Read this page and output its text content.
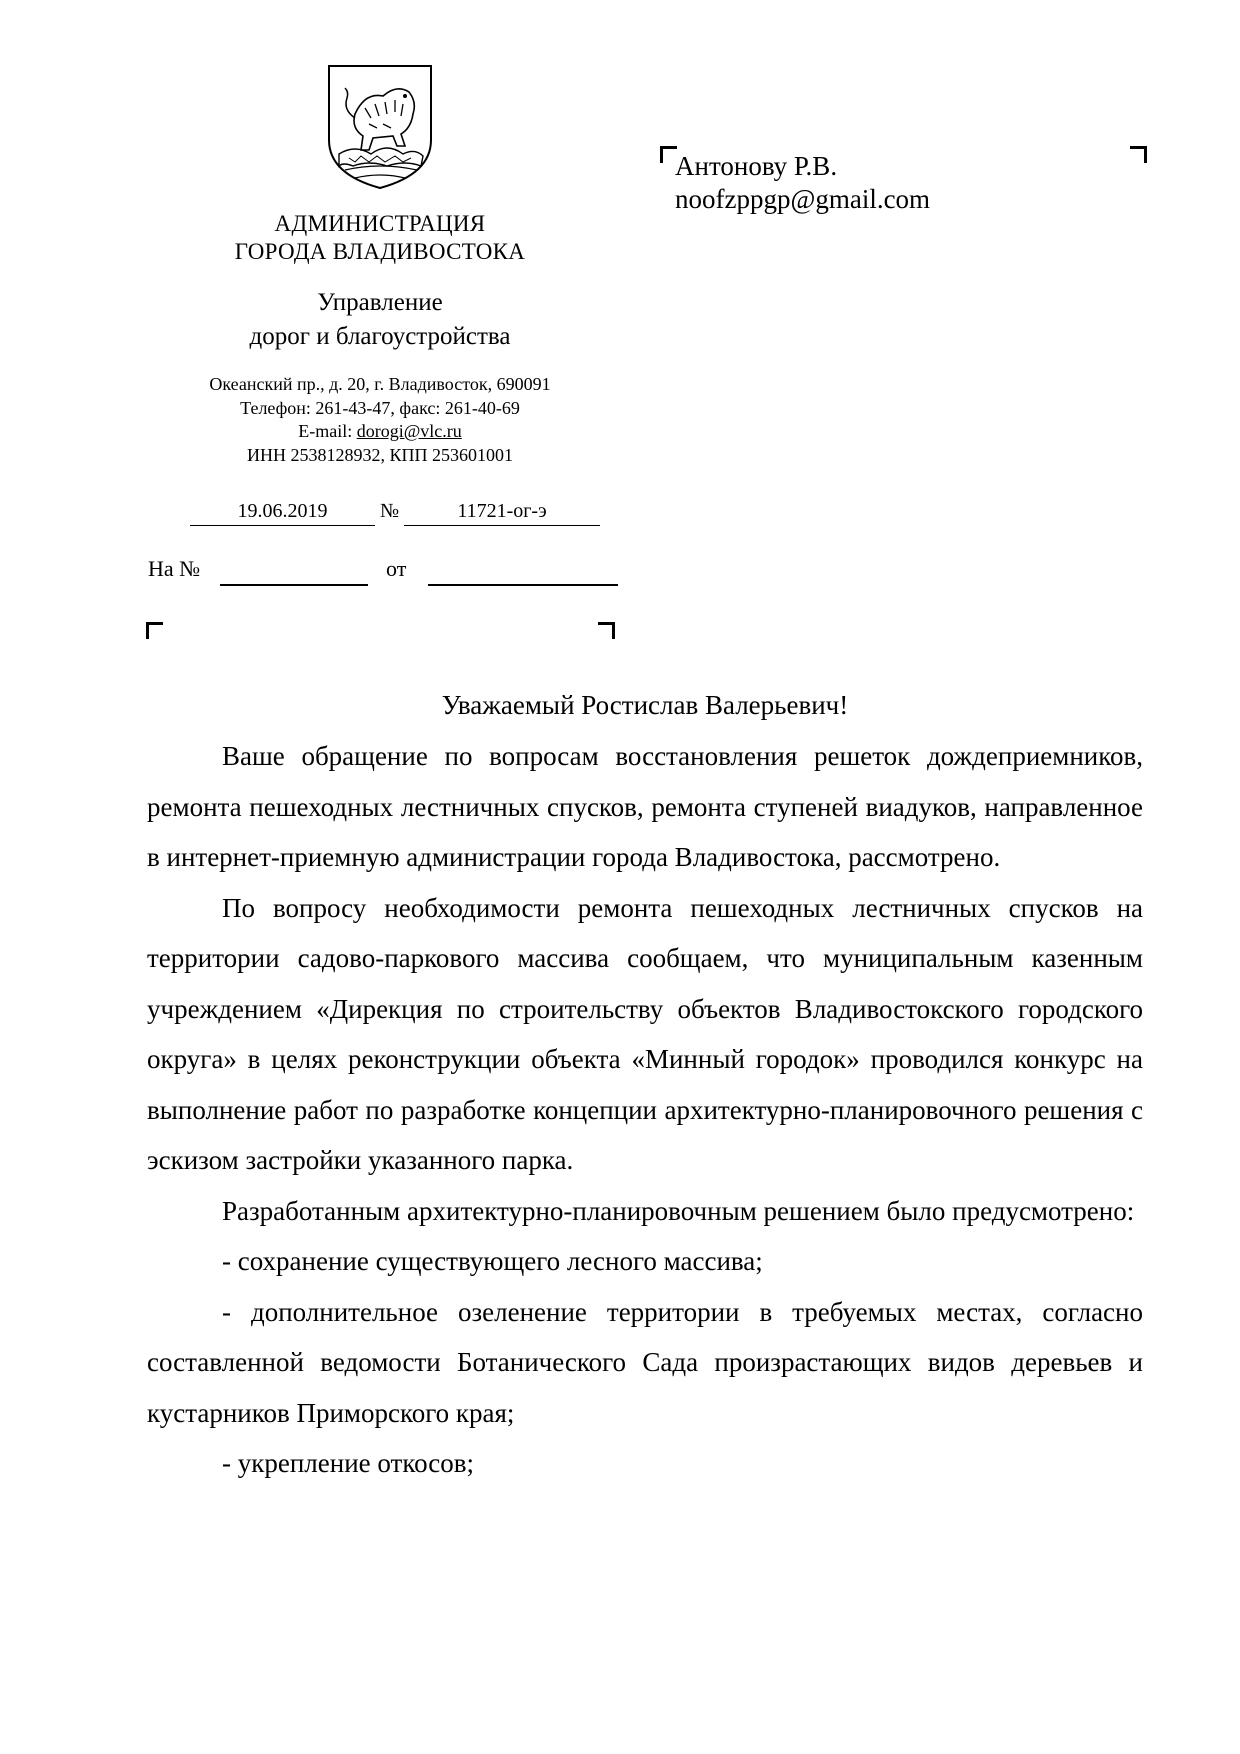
АДМИНИСТРАЦИЯ
ГОРОДА ВЛАДИВОСТОКА
Управление
дорог и благоустройства
Океанский пр., д. 20, г. Владивосток, 690091
Телефон: 261-43-47, факс: 261-40-69
E-mail: dorogi@vlc.ru
ИНН 2538128932, КПП 253601001
19.06.2019	№	11721-ог-э
На №	от
Антонову Р.В.
noofzppgp@gmail.com
Уважаемый Ростислав Валерьевич!

Ваше обращение по вопросам восстановления решеток дождеприемников, ремонта пешеходных лестничных спусков, ремонта ступеней виадуков, направленное в интернет-приемную администрации города Владивостока, рассмотрено.

По вопросу необходимости ремонта пешеходных лестничных спусков на территории садово-паркового массива сообщаем, что муниципальным казенным учреждением «Дирекция по строительству объектов Владивостокского городского округа» в целях реконструкции объекта «Минный городок» проводился конкурс на выполнение работ по разработке концепции архитектурно-планировочного решения с эскизом застройки указанного парка.

Разработанным архитектурно-планировочным решением было предусмотрено:

- сохранение существующего лесного массива;

- дополнительное озеленение территории в требуемых местах, согласно составленной ведомости Ботанического Сада произрастающих видов деревьев и кустарников Приморского края;

- укрепление откосов;
